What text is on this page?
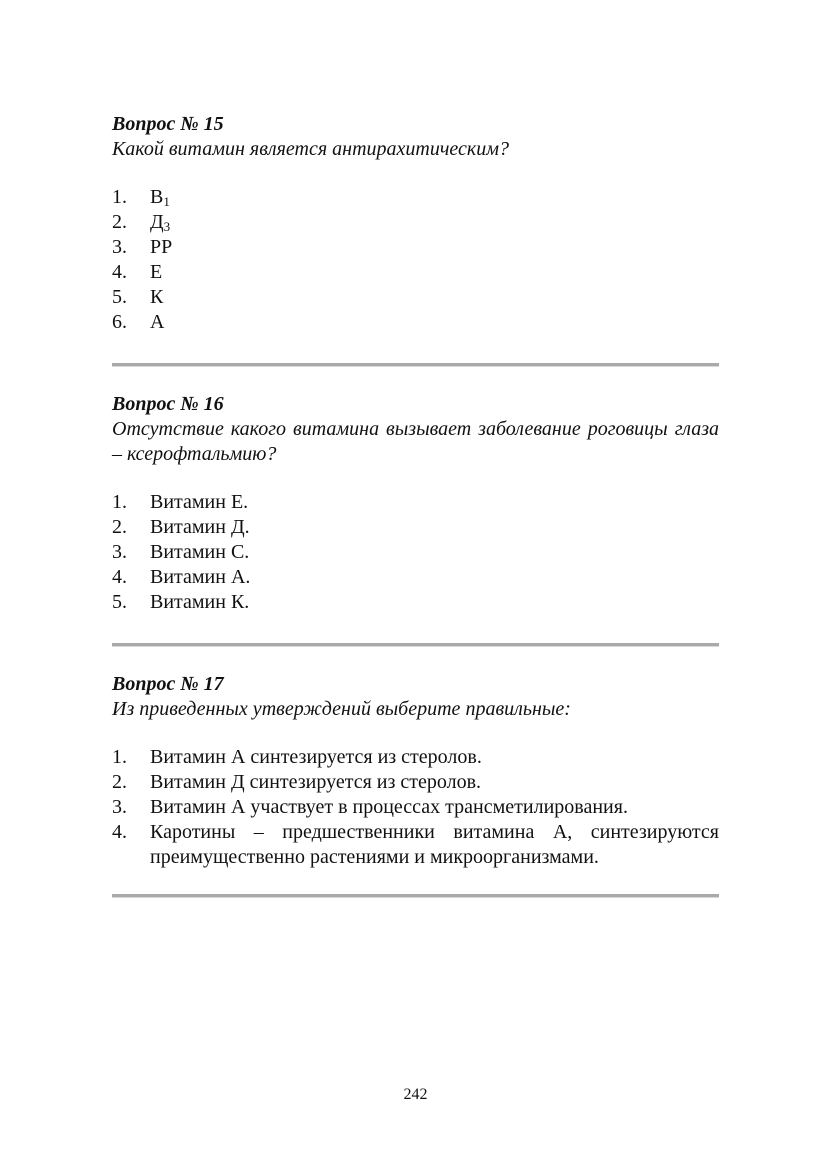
Вопрос № 15
Какой витамин является антирахитическим?
1.	$В_1$
2.	$Д_3$
3.	РР
4.	Е
5.	К
6.	А
Вопрос № 16
Отсутствие какого витамина вызывает заболевание роговицы глаза – ксерофтальмию?
1.	Витамин Е.
2.	Витамин Д.
3.	Витамин С.
4.	Витамин А.
5.	Витамин К.
Вопрос № 17
Из приведенных утверждений выберите правильные:
1.	Витамин А синтезируется из стеролов.
2.	Витамин Д синтезируется из стеролов.
3.	Витамин А участвует в процессах трансметилирования.
4.	Каротины – предшественники витамина А, синтезируются преимущественно растениями и микроорганизмами.
242
